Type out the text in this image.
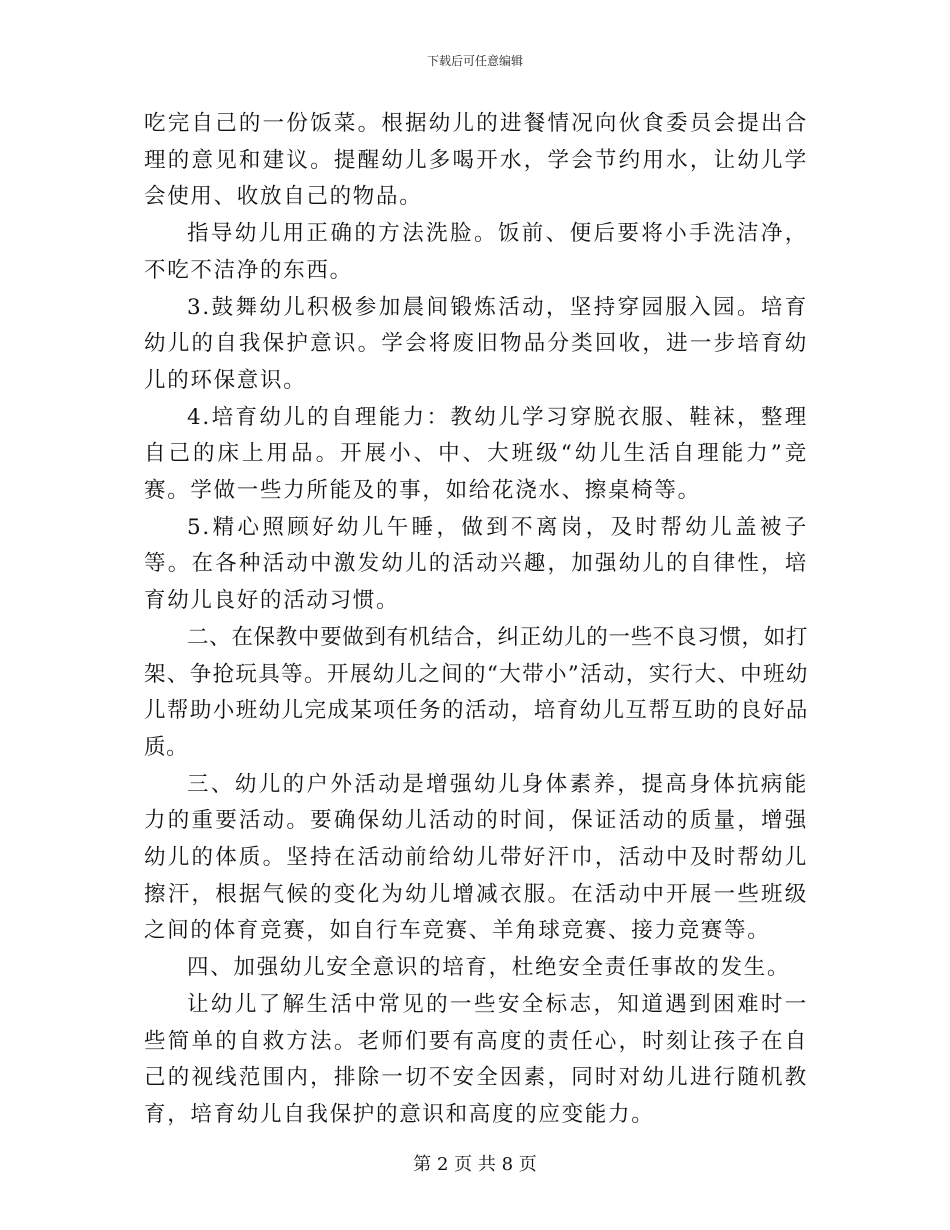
下载后可任意编辑

吃完自己的一份饭菜。根据幼儿的进餐情况向伙食委员会提出合理的意见和建议。提醒幼儿多喝开水，学会节约用水，让幼儿学会使用、收放自己的物品。

指导幼儿用正确的方法洗脸。饭前、便后要将小手洗洁净，不吃不洁净的东西。

3.鼓舞幼儿积极参加晨间锻炼活动，坚持穿园服入园。培育幼儿的自我保护意识。学会将废旧物品分类回收，进一步培育幼儿的环保意识。

4.培育幼儿的自理能力：教幼儿学习穿脱衣服、鞋袜，整理自己的床上用品。开展小、中、大班级“幼儿生活自理能力”竞赛。学做一些力所能及的事，如给花浇水、擦桌椅等。

5.精心照顾好幼儿午睡，做到不离岗，及时帮幼儿盖被子等。在各种活动中激发幼儿的活动兴趣，加强幼儿的自律性，培育幼儿良好的活动习惯。

二、在保教中要做到有机结合，纠正幼儿的一些不良习惯，如打架、争抢玩具等。开展幼儿之间的“大带小”活动，实行大、中班幼儿帮助小班幼儿完成某项任务的活动，培育幼儿互帮互助的良好品质。

三、幼儿的户外活动是增强幼儿身体素养，提高身体抗病能力的重要活动。要确保幼儿活动的时间，保证活动的质量，增强幼儿的体质。坚持在活动前给幼儿带好汗巾，活动中及时帮幼儿擦汗，根据气候的变化为幼儿增减衣服。在活动中开展一些班级之间的体育竞赛，如自行车竞赛、羊角球竞赛、接力竞赛等。

四、加强幼儿安全意识的培育，杜绝安全责任事故的发生。

让幼儿了解生活中常见的一些安全标志，知道遇到困难时一些简单的自救方法。老师们要有高度的责任心，时刻让孩子在自己的视线范围内，排除一切不安全因素，同时对幼儿进行随机教育，培育幼儿自我保护的意识和高度的应变能力。

第 2 页 共 8 页
